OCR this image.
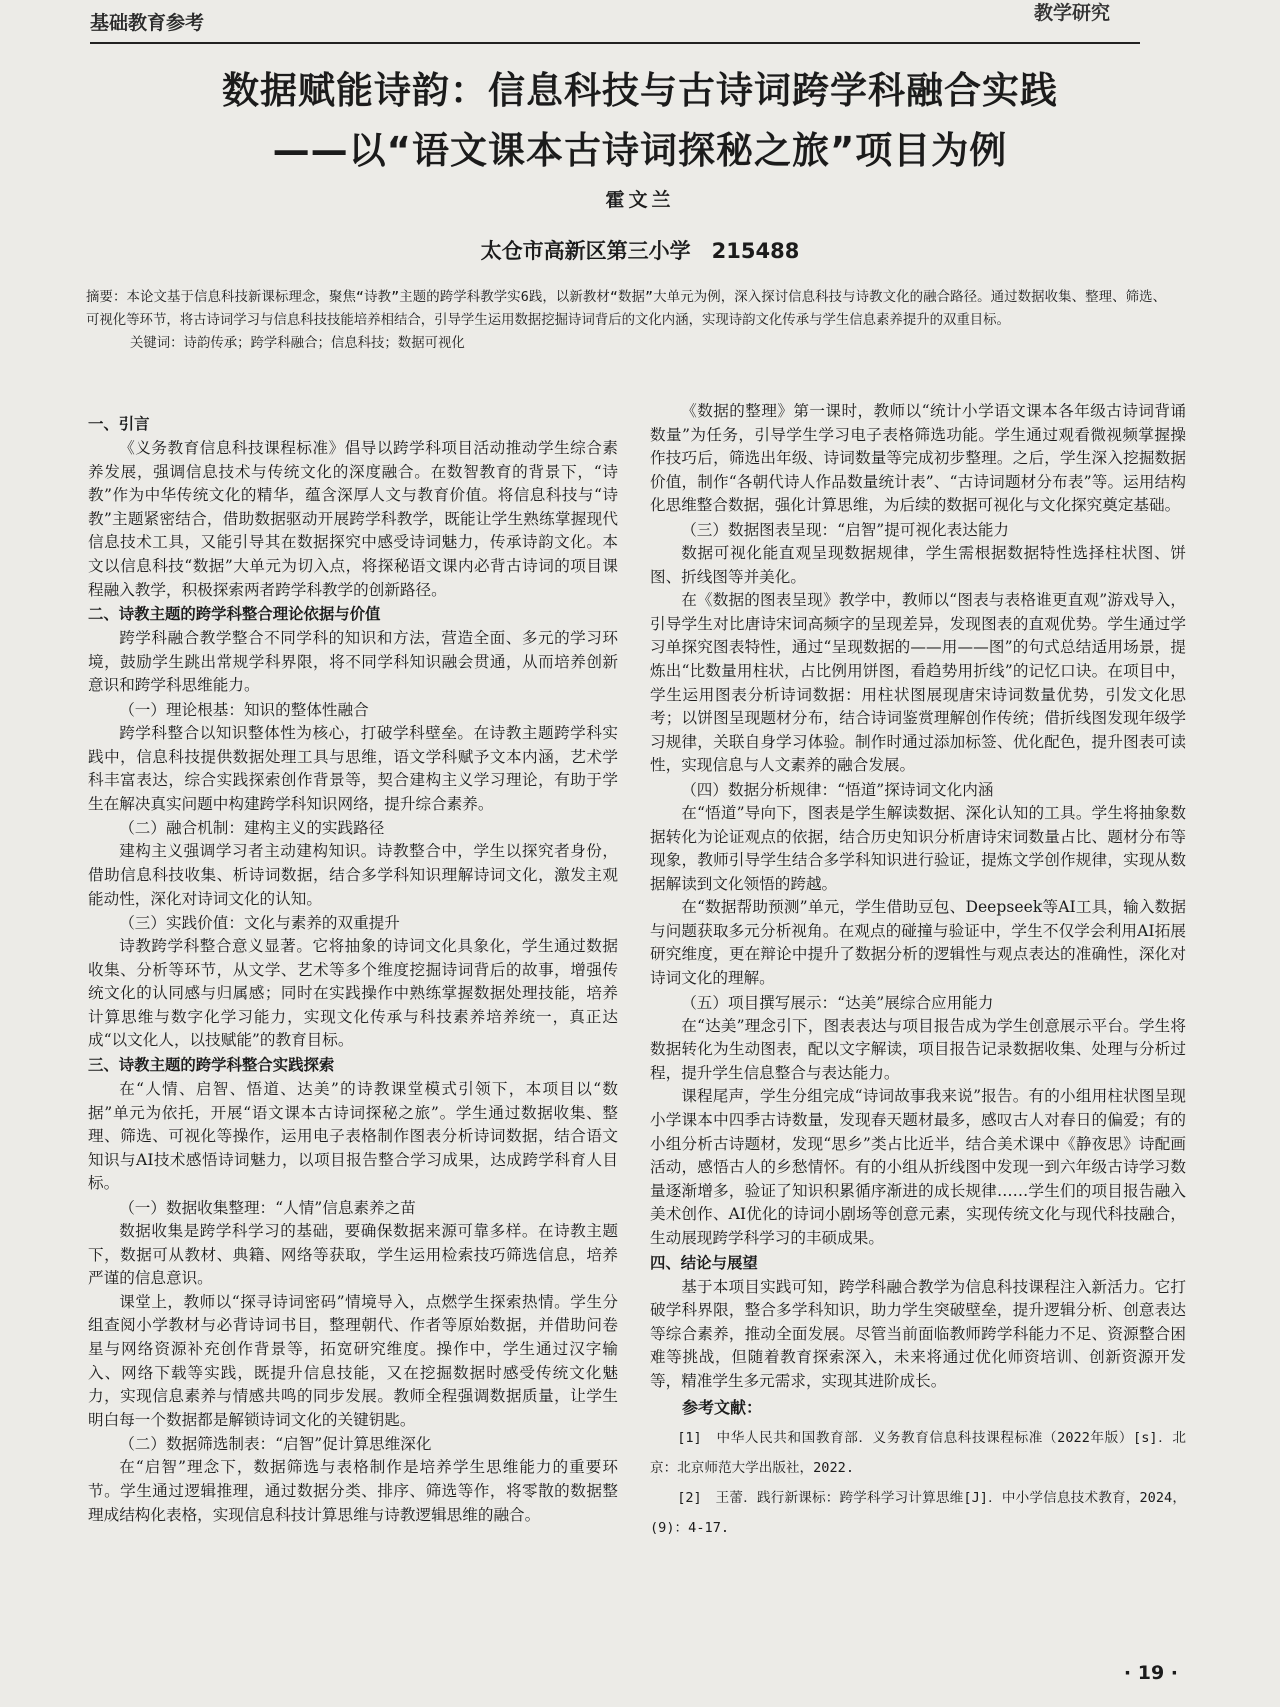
基础教育参考	教学研究
数据赋能诗韵：信息科技与古诗词跨学科融合实践
——以“语文课本古诗词探秘之旅”项目为例
霍文兰
太仓市高新区第三小学　215488

摘要：本论文基于信息科技新课标理念，聚焦“诗教”主题的跨学科教学实6践，以新教材“数据”大单元为例，深入探讨信息科技与诗教文化的融合路径。通过数据收集、整理、筛选、可视化等环节，将古诗词学习与信息科技技能培养相结合，引导学生运用数据挖掘诗词背后的文化内涵，实现诗韵文化传承与学生信息素养提升的双重目标。

关键词：诗韵传承；跨学科融合；信息科技；数据可视化

一、引言

《义务教育信息科技课程标准》倡导以跨学科项目活动推动学生综合素养发展，强调信息技术与传统文化的深度融合。在数智教育的背景下，“诗教”作为中华传统文化的精华，蕴含深厚人文与教育价值。将信息科技与“诗教”主题紧密结合，借助数据驱动开展跨学科教学，既能让学生熟练掌握现代信息技术工具，又能引导其在数据探究中感受诗词魅力，传承诗韵文化。本文以信息科技“数据”大单元为切入点，将探秘语文课内必背古诗词的项目课程融入教学，积极探索两者跨学科教学的创新路径。

二、诗教主题的跨学科整合理论依据与价值

跨学科融合教学整合不同学科的知识和方法，营造全面、多元的学习环境，鼓励学生跳出常规学科界限，将不同学科知识融会贯通，从而培养创新意识和跨学科思维能力。

（一）理论根基：知识的整体性融合

跨学科整合以知识整体性为核心，打破学科壁垒。在诗教主题跨学科实践中，信息科技提供数据处理工具与思维，语文学科赋予文本内涵，艺术学科丰富表达，综合实践探索创作背景等，契合建构主义学习理论，有助于学生在解决真实问题中构建跨学科知识网络，提升综合素养。

（二）融合机制：建构主义的实践路径

建构主义强调学习者主动建构知识。诗教整合中，学生以探究者身份，借助信息科技收集、析诗词数据，结合多学科知识理解诗词文化，激发主观能动性，深化对诗词文化的认知。

（三）实践价值：文化与素养的双重提升

诗教跨学科整合意义显著。它将抽象的诗词文化具象化，学生通过数据收集、分析等环节，从文学、艺术等多个维度挖掘诗词背后的故事，增强传统文化的认同感与归属感；同时在实践操作中熟练掌握数据处理技能，培养计算思维与数字化学习能力，实现文化传承与科技素养培养统一，真正达成“以文化人，以技赋能”的教育目标。

三、诗教主题的跨学科整合实践探索

在“人情、启智、悟道、达美”的诗教课堂模式引领下，本项目以“数据”单元为依托，开展“语文课本古诗词探秘之旅”。学生通过数据收集、整理、筛选、可视化等操作，运用电子表格制作图表分析诗词数据，结合语文知识与AI技术感悟诗词魅力，以项目报告整合学习成果，达成跨学科育人目标。

（一）数据收集整理：“人情”信息素养之苗

数据收集是跨学科学习的基础，要确保数据来源可靠多样。在诗教主题下，数据可从教材、典籍、网络等获取，学生运用检索技巧筛选信息，培养严谨的信息意识。

课堂上，教师以“探寻诗词密码”情境导入，点燃学生探索热情。学生分组查阅小学教材与必背诗词书目，整理朝代、作者等原始数据，并借助问卷星与网络资源补充创作背景等，拓宽研究维度。操作中，学生通过汉字输入、网络下载等实践，既提升信息技能，又在挖掘数据时感受传统文化魅力，实现信息素养与情感共鸣的同步发展。教师全程强调数据质量，让学生明白每一个数据都是解锁诗词文化的关键钥匙。

（二）数据筛选制表：“启智”促计算思维深化

在“启智”理念下，数据筛选与表格制作是培养学生思维能力的重要环节。学生通过逻辑推理，通过数据分类、排序、筛选等作，将零散的数据整理成结构化表格，实现信息科技计算思维与诗教逻辑思维的融合。

《数据的整理》第一课时，教师以“统计小学语文课本各年级古诗词背诵数量”为任务，引导学生学习电子表格筛选功能。学生通过观看微视频掌握操作技巧后，筛选出年级、诗词数量等完成初步整理。之后，学生深入挖掘数据价值，制作“各朝代诗人作品数量统计表”、“古诗词题材分布表”等。运用结构化思维整合数据，强化计算思维，为后续的数据可视化与文化探究奠定基础。

（三）数据图表呈现：“启智”提可视化表达能力

数据可视化能直观呈现数据规律，学生需根据数据特性选择柱状图、饼图、折线图等并美化。

在《数据的图表呈现》教学中，教师以“图表与表格谁更直观”游戏导入，引导学生对比唐诗宋词高频字的呈现差异，发现图表的直观优势。学生通过学习单探究图表特性，通过“呈现数据的——用——图”的句式总结适用场景，提炼出“比数量用柱状，占比例用饼图，看趋势用折线”的记忆口诀。在项目中，学生运用图表分析诗词数据：用柱状图展现唐宋诗词数量优势，引发文化思考；以饼图呈现题材分布，结合诗词鉴赏理解创作传统；借折线图发现年级学习规律，关联自身学习体验。制作时通过添加标签、优化配色，提升图表可读性，实现信息与人文素养的融合发展。

（四）数据分析规律：“悟道”探诗词文化内涵

在“悟道”导向下，图表是学生解读数据、深化认知的工具。学生将抽象数据转化为论证观点的依据，结合历史知识分析唐诗宋词数量占比、题材分布等现象，教师引导学生结合多学科知识进行验证，提炼文学创作规律，实现从数据解读到文化领悟的跨越。

在“数据帮助预测”单元，学生借助豆包、Deepseek等AI工具，输入数据与问题获取多元分析视角。在观点的碰撞与验证中，学生不仅学会利用AI拓展研究维度，更在辩论中提升了数据分析的逻辑性与观点表达的准确性，深化对诗词文化的理解。

（五）项目撰写展示：“达美”展综合应用能力

在“达美”理念引下，图表表达与项目报告成为学生创意展示平台。学生将数据转化为生动图表，配以文字解读，项目报告记录数据收集、处理与分析过程，提升学生信息整合与表达能力。

课程尾声，学生分组完成“诗词故事我来说”报告。有的小组用柱状图呈现小学课本中四季古诗数量，发现春天题材最多，感叹古人对春日的偏爱；有的小组分析古诗题材，发现“思乡”类占比近半，结合美术课中《静夜思》诗配画活动，感悟古人的乡愁情怀。有的小组从折线图中发现一到六年级古诗学习数量逐渐增多，验证了知识积累循序渐进的成长规律……学生们的项目报告融入美术创作、AI优化的诗词小剧场等创意元素，实现传统文化与现代科技融合，生动展现跨学科学习的丰硕成果。

四、结论与展望

基于本项目实践可知，跨学科融合教学为信息科技课程注入新活力。它打破学科界限，整合多学科知识，助力学生突破壁垒，提升逻辑分析、创意表达等综合素养，推动全面发展。尽管当前面临教师跨学科能力不足、资源整合困难等挑战，但随着教育探索深入，未来将通过优化师资培训、创新资源开发等，精准学生多元需求，实现其进阶成长。

参考文献：

[1]　中华人民共和国教育部．义务教育信息科技课程标准（2022年版）[s]．北京：北京师范大学出版社，2022.

[2]　王蕾．践行新课标：跨学科学习计算思维[J]．中小学信息技术教育，2024，(9)：4-17.

· 19 ·
